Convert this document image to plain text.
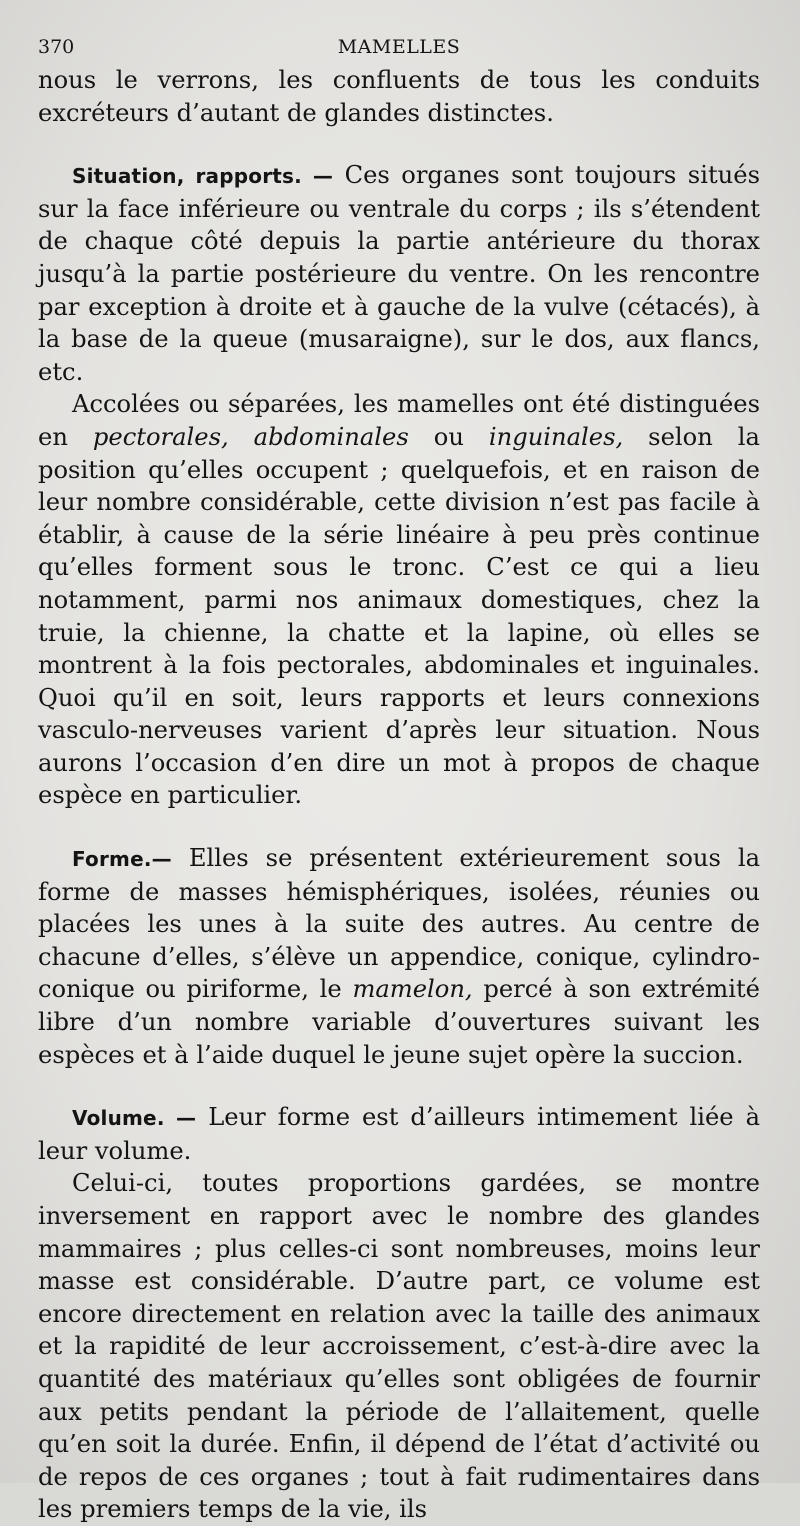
370	MAMELLES

nous le verrons, les confluents de tous les conduits excréteurs d’autant de glandes distinctes.

Situation, rapports. — Ces organes sont toujours situés sur la face inférieure ou ventrale du corps ; ils s’étendent de chaque côté depuis la partie antérieure du thorax jusqu’à la partie postérieure du ventre. On les rencontre par exception à droite et à gauche de la vulve (cétacés), à la base de la queue (musaraigne), sur le dos, aux flancs, etc.

Accolées ou séparées, les mamelles ont été distinguées en pectorales, abdominales ou inguinales, selon la position qu’elles occupent ; quelquefois, et en raison de leur nombre considérable, cette division n’est pas facile à établir, à cause de la série linéaire à peu près continue qu’elles forment sous le tronc. C’est ce qui a lieu notamment, parmi nos animaux domestiques, chez la truie, la chienne, la chatte et la lapine, où elles se montrent à la fois pectorales, abdominales et inguinales. Quoi qu’il en soit, leurs rapports et leurs connexions vasculo-nerveuses varient d’après leur situation. Nous aurons l’occasion d’en dire un mot à propos de chaque espèce en particulier.

Forme.— Elles se présentent extérieurement sous la forme de masses hémisphériques, isolées, réunies ou placées les unes à la suite des autres. Au centre de chacune d’elles, s’élève un appendice, conique, cylindro-conique ou piriforme, le mamelon, percé à son extrémité libre d’un nombre variable d’ouvertures suivant les espèces et à l’aide duquel le jeune sujet opère la succion.

Volume. — Leur forme est d’ailleurs intimement liée à leur volume.

Celui-ci, toutes proportions gardées, se montre inversement en rapport avec le nombre des glandes mammaires ; plus celles-ci sont nombreuses, moins leur masse est considérable. D’autre part, ce volume est encore directement en relation avec la taille des animaux et la rapidité de leur accroissement, c’est-à-dire avec la quantité des matériaux qu’elles sont obligées de fournir aux petits pendant la période de l’allaitement, quelle qu’en soit la durée. Enfin, il dépend de l’état d’activité ou de repos de ces organes ; tout à fait rudimentaires dans les premiers temps de la vie, ils
